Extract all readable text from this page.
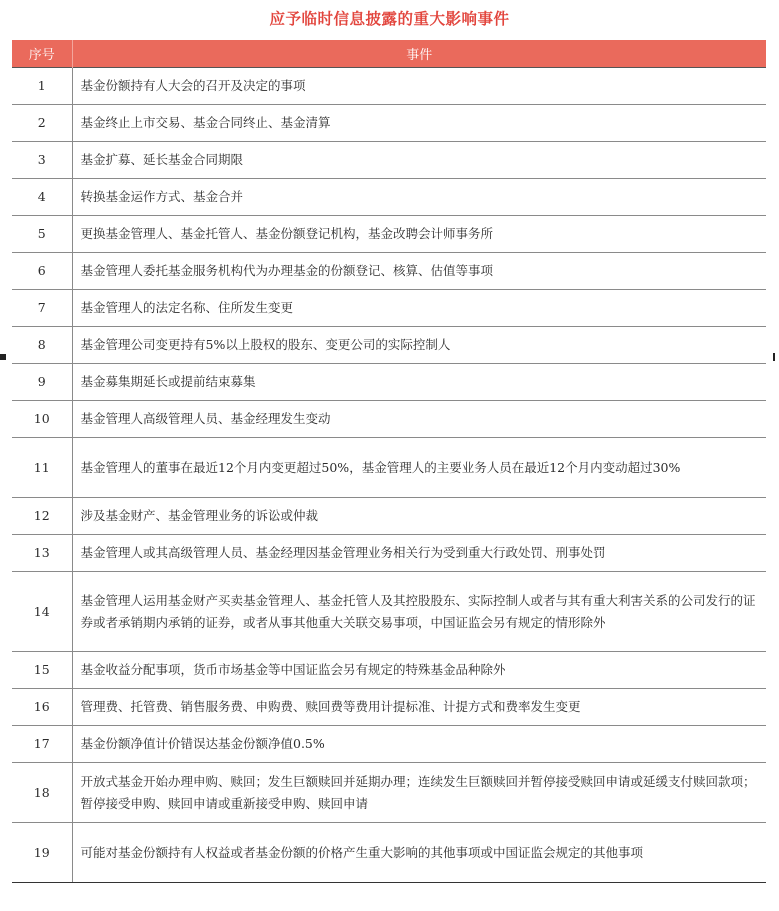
应予临时信息披露的重大影响事件
序号	事件
1	基金份额持有人大会的召开及决定的事项
2	基金终止上市交易、基金合同终止、基金清算
3	基金扩募、延长基金合同期限
4	转换基金运作方式、基金合并
5	更换基金管理人、基金托管人、基金份额登记机构，基金改聘会计师事务所
6	基金管理人委托基金服务机构代为办理基金的份额登记、核算、估值等事项
7	基金管理人的法定名称、住所发生变更
8	基金管理公司变更持有5%以上股权的股东、变更公司的实际控制人
9	基金募集期延长或提前结束募集
10	基金管理人高级管理人员、基金经理发生变动
11	基金管理人的董事在最近12个月内变更超过50%，基金管理人的主要业务人员在最近12个月内变动超过30%
12	涉及基金财产、基金管理业务的诉讼或仲裁
13	基金管理人或其高级管理人员、基金经理因基金管理业务相关行为受到重大行政处罚、刑事处罚
14	基金管理人运用基金财产买卖基金管理人、基金托管人及其控股股东、实际控制人或者与其有重大利害关系的公司发行的证券或者承销期内承销的证券，或者从事其他重大关联交易事项，中国证监会另有规定的情形除外
15	基金收益分配事项，货币市场基金等中国证监会另有规定的特殊基金品种除外
16	管理费、托管费、销售服务费、申购费、赎回费等费用计提标准、计提方式和费率发生变更
17	基金份额净值计价错误达基金份额净值0.5%
18	开放式基金开始办理申购、赎回；发生巨额赎回并延期办理；连续发生巨额赎回并暂停接受赎回申请或延缓支付赎回款项；暂停接受申购、赎回申请或重新接受申购、赎回申请
19	可能对基金份额持有人权益或者基金份额的价格产生重大影响的其他事项或中国证监会规定的其他事项
